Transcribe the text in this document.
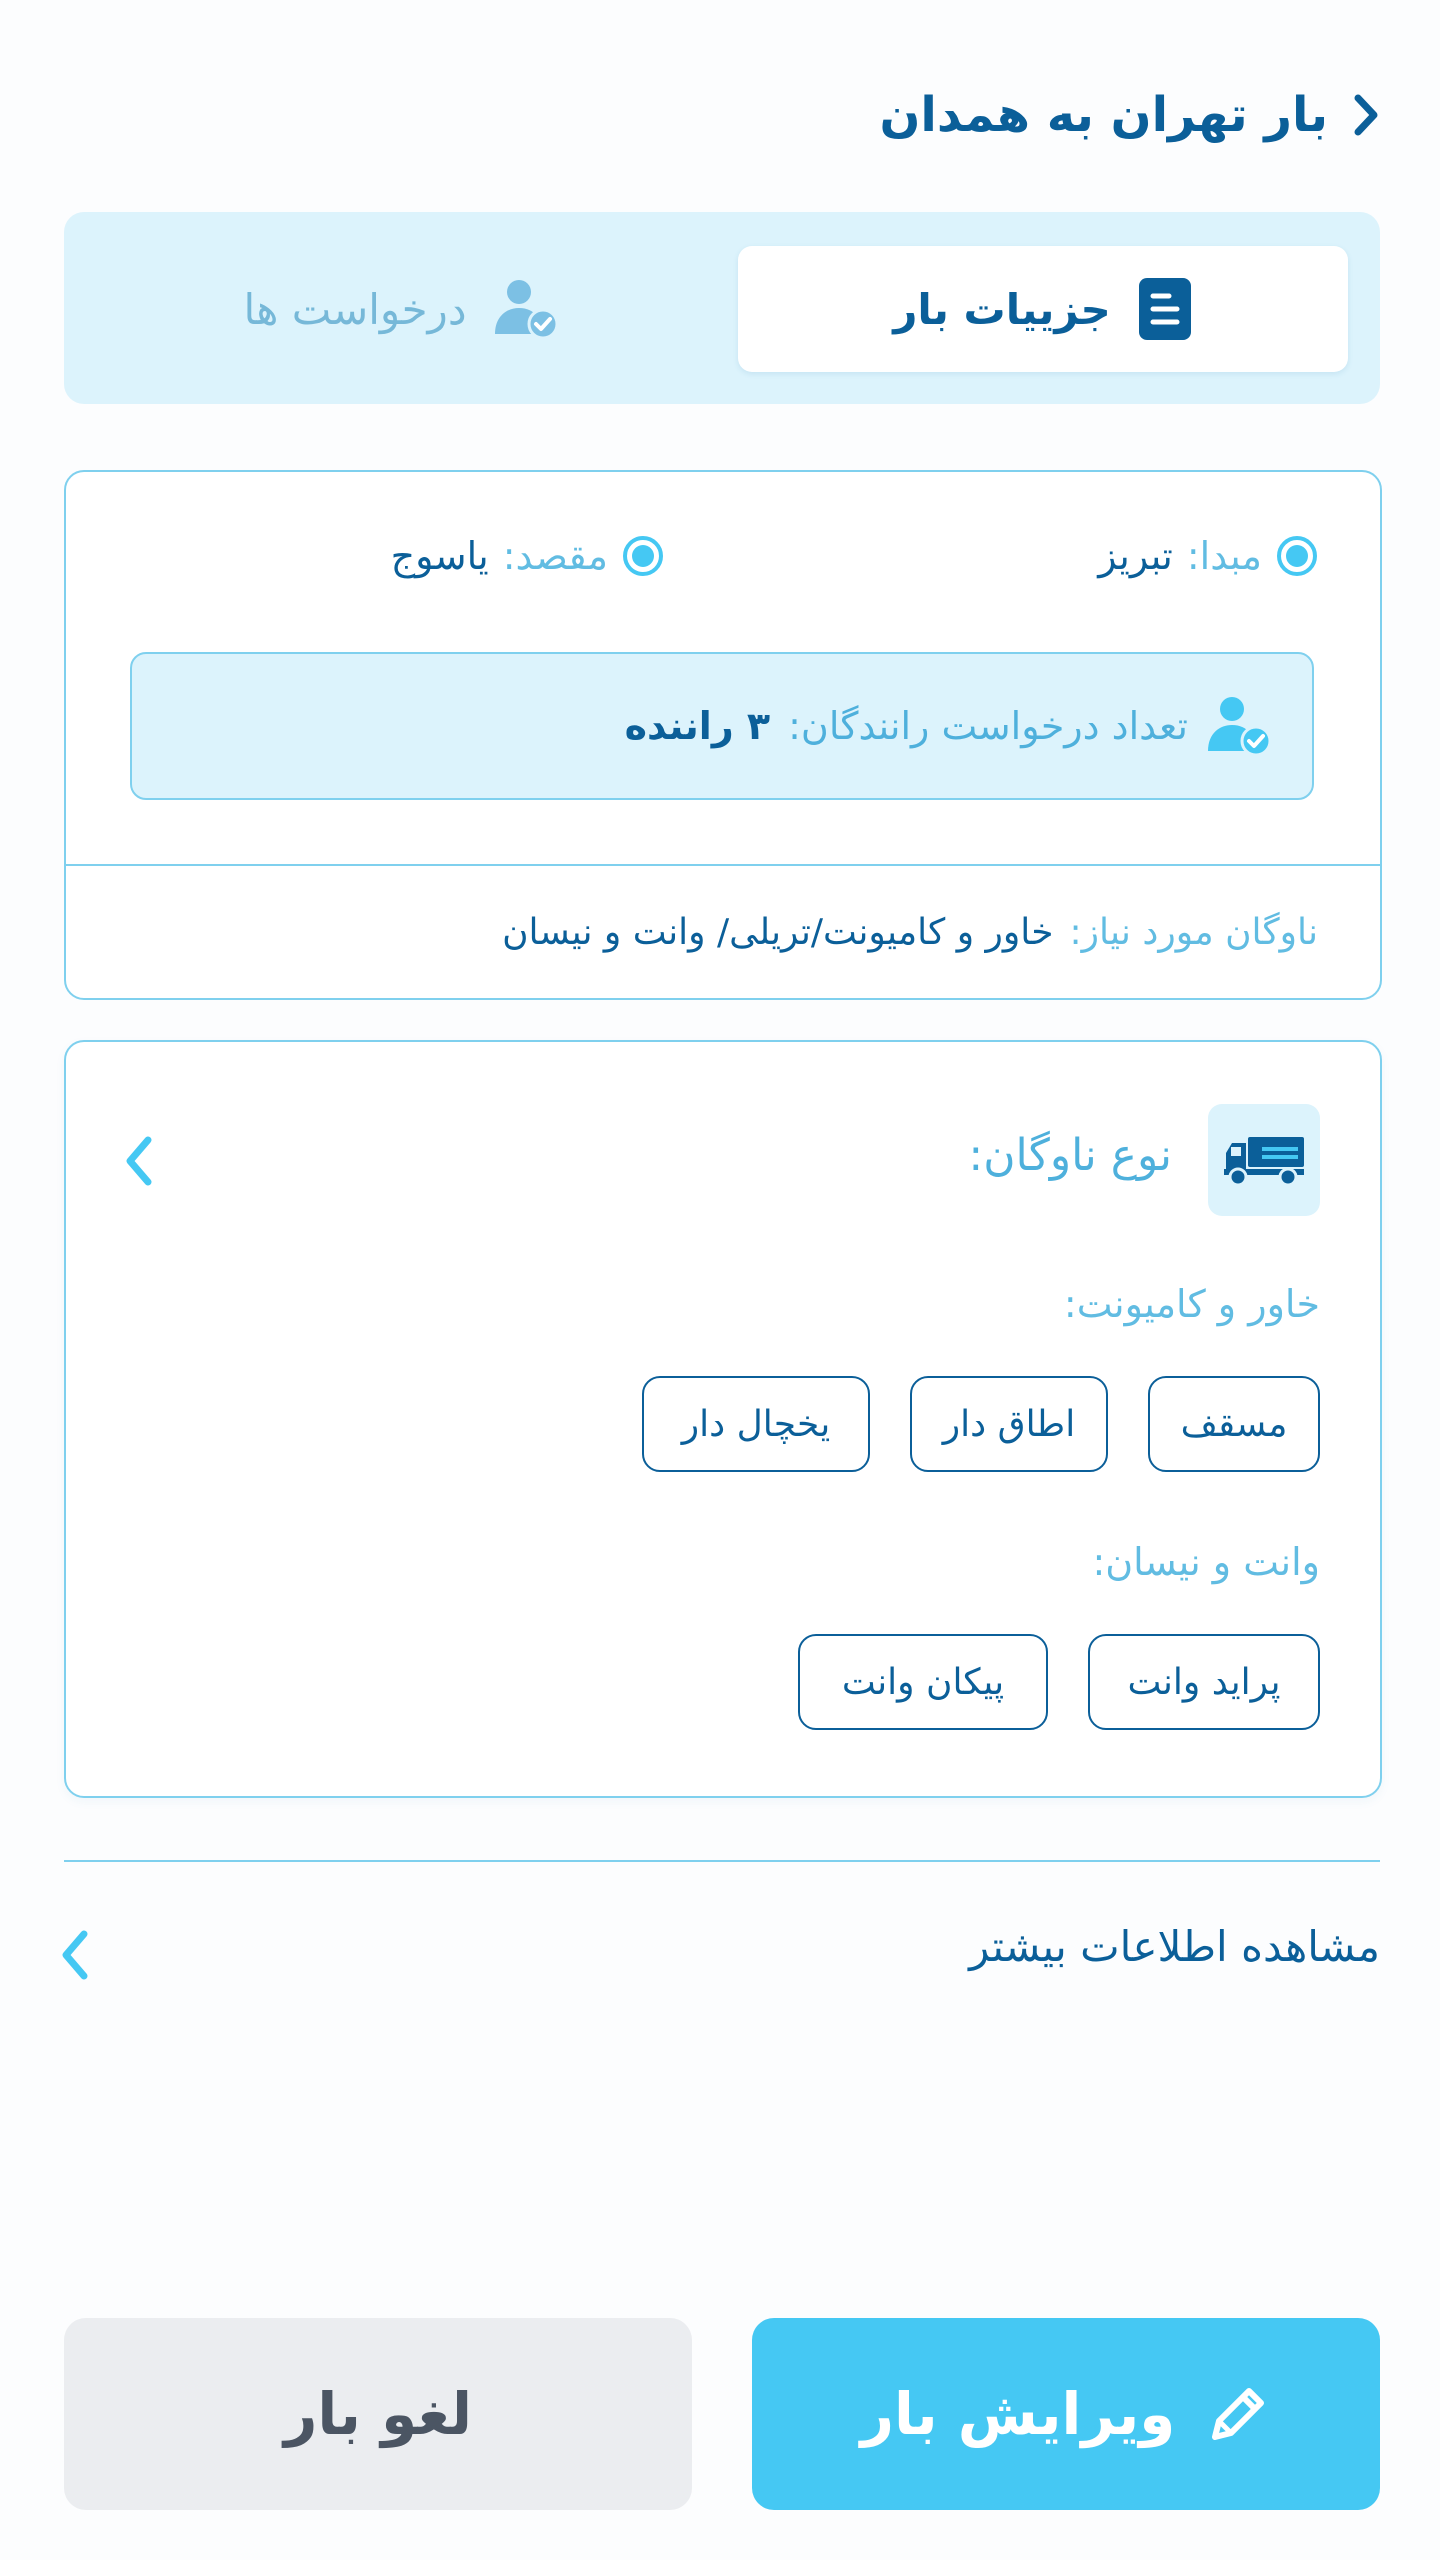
بار تهران به همدان
جزییات بار
درخواست ها
مبدا:
تبریز
مقصد:
یاسوج
تعداد درخواست رانندگان:
۳ راننده
ناوگان مورد نیاز:
خاور و کامیونت/تریلی/ وانت و نیسان
نوع ناوگان:
خاور و کامیونت:
مسقف
اطاق دار
یخچال دار
وانت و نیسان:
پراید وانت
پیکان وانت
مشاهده اطلاعات بیشتر
ویرایش بار
لغو بار
